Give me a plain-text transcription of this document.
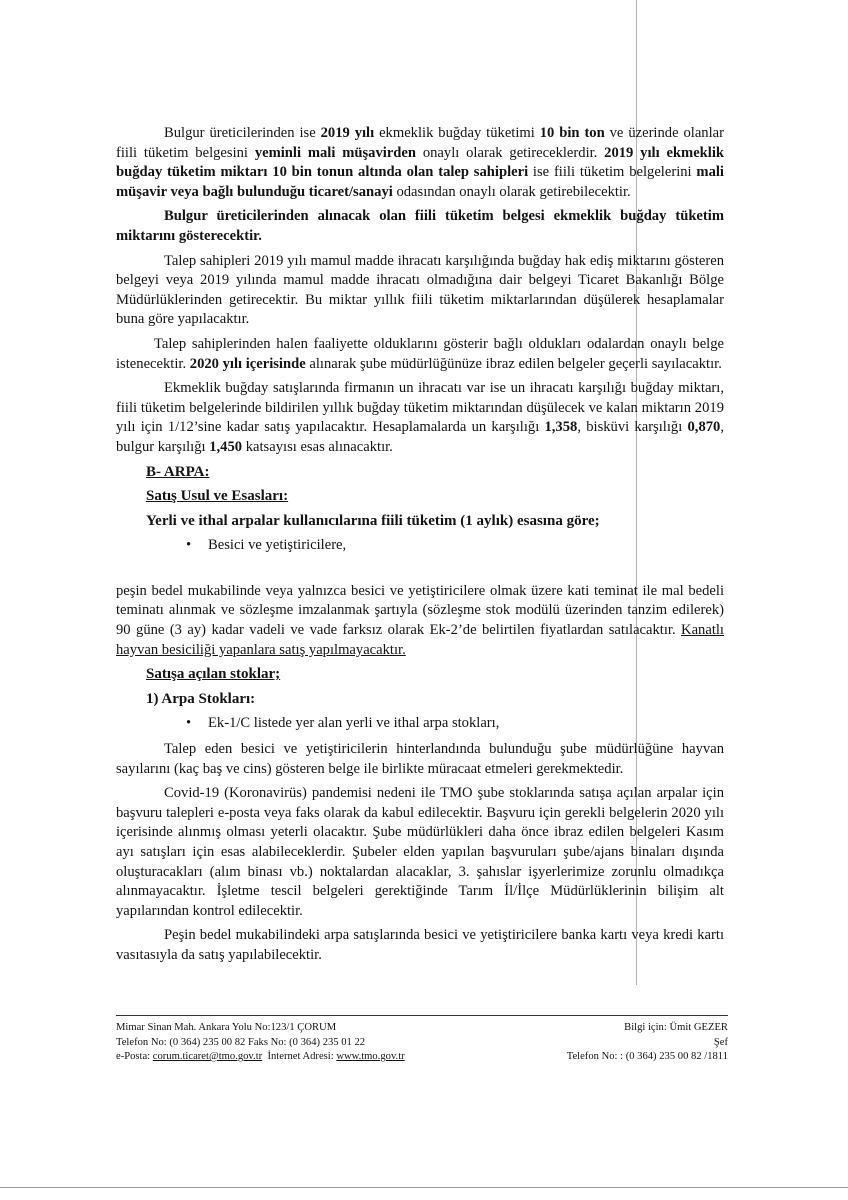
Bulgur üreticilerinden ise 2019 yılı ekmeklik buğday tüketimi 10 bin ton ve üzerinde olanlar fiili tüketim belgesini yeminli mali müşavirden onaylı olarak getireceklerdir. 2019 yılı ekmeklik buğday tüketim miktarı 10 bin tonun altında olan talep sahipleri ise fiili tüketim belgelerini mali müşavir veya bağlı bulunduğu ticaret/sanayi odasından onaylı olarak getirebilecektir.

Bulgur üreticilerinden alınacak olan fiili tüketim belgesi ekmeklik buğday tüketim miktarını gösterecektir.

Talep sahipleri 2019 yılı mamul madde ihracatı karşılığında buğday hak ediş miktarını gösteren belgeyi veya 2019 yılında mamul madde ihracatı olmadığına dair belgeyi Ticaret Bakanlığı Bölge Müdürlüklerinden getirecektir. Bu miktar yıllık fiili tüketim miktarlarından düşülerek hesaplamalar buna göre yapılacaktır.

Talep sahiplerinden halen faaliyette olduklarını gösterir bağlı oldukları odalardan onaylı belge istenecektir. 2020 yılı içerisinde alınarak şube müdürlüğünüze ibraz edilen belgeler geçerli sayılacaktır.

Ekmeklik buğday satışlarında firmanın un ihracatı var ise un ihracatı karşılığı buğday miktarı, fiili tüketim belgelerinde bildirilen yıllık buğday tüketim miktarından düşülecek ve kalan miktarın 2019 yılı için 1/12’sine kadar satış yapılacaktır. Hesaplamalarda un karşılığı 1,358, bisküvi karşılığı 0,870, bulgur karşılığı 1,450 katsayısı esas alınacaktır.

B- ARPA:
Satış Usul ve Esasları:
Yerli ve ithal arpalar kullanıcılarına fiili tüketim (1 aylık) esasına göre;
• Besici ve yetiştiricilere,

peşin bedel mukabilinde veya yalnızca besici ve yetiştiricilere olmak üzere kati teminat ile mal bedeli teminatı alınmak ve sözleşme imzalanmak şartıyla (sözleşme stok modülü üzerinden tanzim edilerek) 90 güne (3 ay) kadar vadeli ve vade farksız olarak Ek-2’de belirtilen fiyatlardan satılacaktır. Kanatlı hayvan besiciliği yapanlara satış yapılmayacaktır.

Satışa açılan stoklar;
1) Arpa Stokları:
• Ek-1/C listede yer alan yerli ve ithal arpa stokları,

Talep eden besici ve yetiştiricilerin hinterlandında bulunduğu şube müdürlüğüne hayvan sayılarını (kaç baş ve cins) gösteren belge ile birlikte müracaat etmeleri gerekmektedir.

Covid-19 (Koronavirüs) pandemisi nedeni ile TMO şube stoklarında satışa açılan arpalar için başvuru talepleri e-posta veya faks olarak da kabul edilecektir. Başvuru için gerekli belgelerin 2020 yılı içerisinde alınmış olması yeterli olacaktır. Şube müdürlükleri daha önce ibraz edilen belgeleri Kasım ayı satışları için esas alabileceklerdir. Şubeler elden yapılan başvuruları şube/ajans binaları dışında oluşturacakları (alım binası vb.) noktalardan alacaklar, 3. şahıslar işyerlerimize zorunlu olmadıkça alınmayacaktır. İşletme tescil belgeleri gerektiğinde Tarım İl/İlçe Müdürlüklerinin bilişim alt yapılarından kontrol edilecektir.

Peşin bedel mukabilindeki arpa satışlarında besici ve yetiştiricilere banka kartı veya kredi kartı vasıtasıyla da satış yapılabilecektir.

Mimar Sinan Mah. Ankara Yolu No:123/1 ÇORUM
Telefon No: (0 364) 235 00 82 Faks No: (0 364) 235 01 22
e-Posta: corum.ticaret@tmo.gov.tr  İnternet Adresi: www.tmo.gov.tr
Bilgi için: Ümit GEZER
Şef
Telefon No: : (0 364) 235 00 82 /1811
